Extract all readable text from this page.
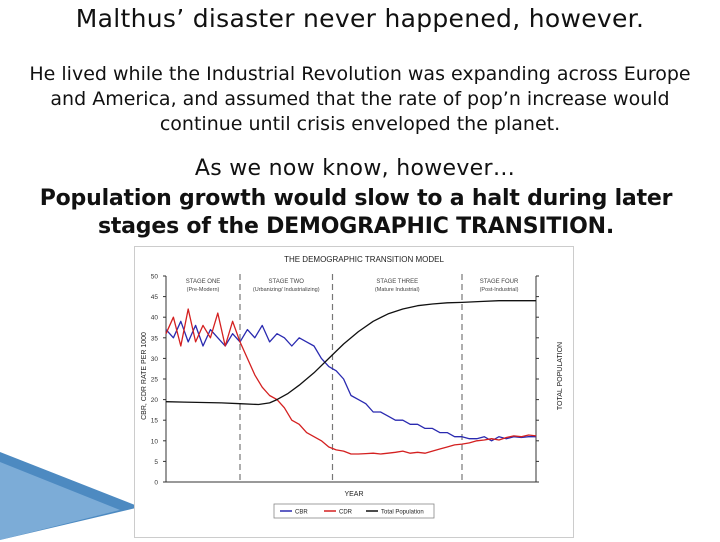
Malthus’ disaster never happened, however.
He lived while the Industrial Revolution was expanding across Europe and America, and assumed that the rate of pop’n increase would continue until crisis enveloped the planet.
As we now know, however…
Population growth would slow to a halt during later stages of the DEMOGRAPHIC TRANSITION.
THE DEMOGRAPHIC TRANSITION MODEL
YEAR
CBR, CDR RATE PER 1000	TOTAL POPULATION
0
5
10
15
20
25
30
35
40
45
50
STAGE ONE
(Pre-Modern)
STAGE TWO
(Urbanizing/ Industrializing)
STAGE THREE
(Mature Industrial)
STAGE FOUR
(Post-Industrial)
CBR	CDR	Total Population
